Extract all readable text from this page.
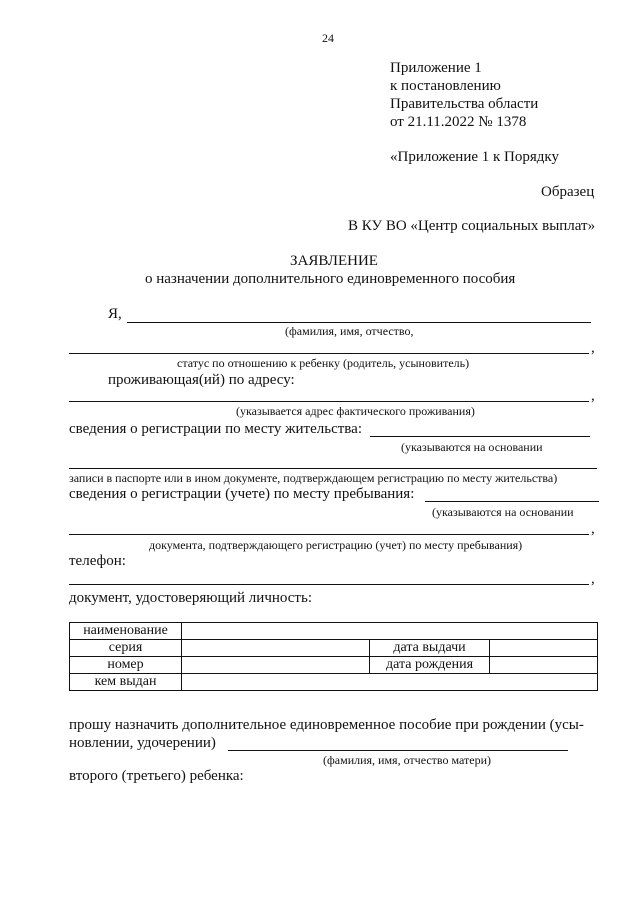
24
Приложение 1
к постановлению
Правительства области
от 21.11.2022 № 1378
«Приложение 1 к Порядку
Образец
В КУ ВО «Центр социальных выплат»
ЗАЯВЛЕНИЕ
о назначении дополнительного единовременного пособия
Я,
(фамилия, имя, отчество,
,
статус по отношению к ребенку (родитель, усыновитель)
проживающая(ий) по адресу:
,
(указывается адрес фактического проживания)
сведения о регистрации по месту жительства:
(указываются на основании
записи в паспорте или в ином документе, подтверждающем регистрацию по месту жительства)
сведения о регистрации (учете) по месту пребывания:
(указываются на основании
,
документа, подтверждающего регистрацию (учет) по месту пребывания)
телефон:
,
документ, удостоверяющий личность:
наименование			
серия		дата выдачи	
номер		дата рождения	
кем выдан			
прошу назначить дополнительное единовременное пособие при рождении (усы-
новлении, удочерении)
(фамилия, имя, отчество матери)
второго (третьего) ребенка:
